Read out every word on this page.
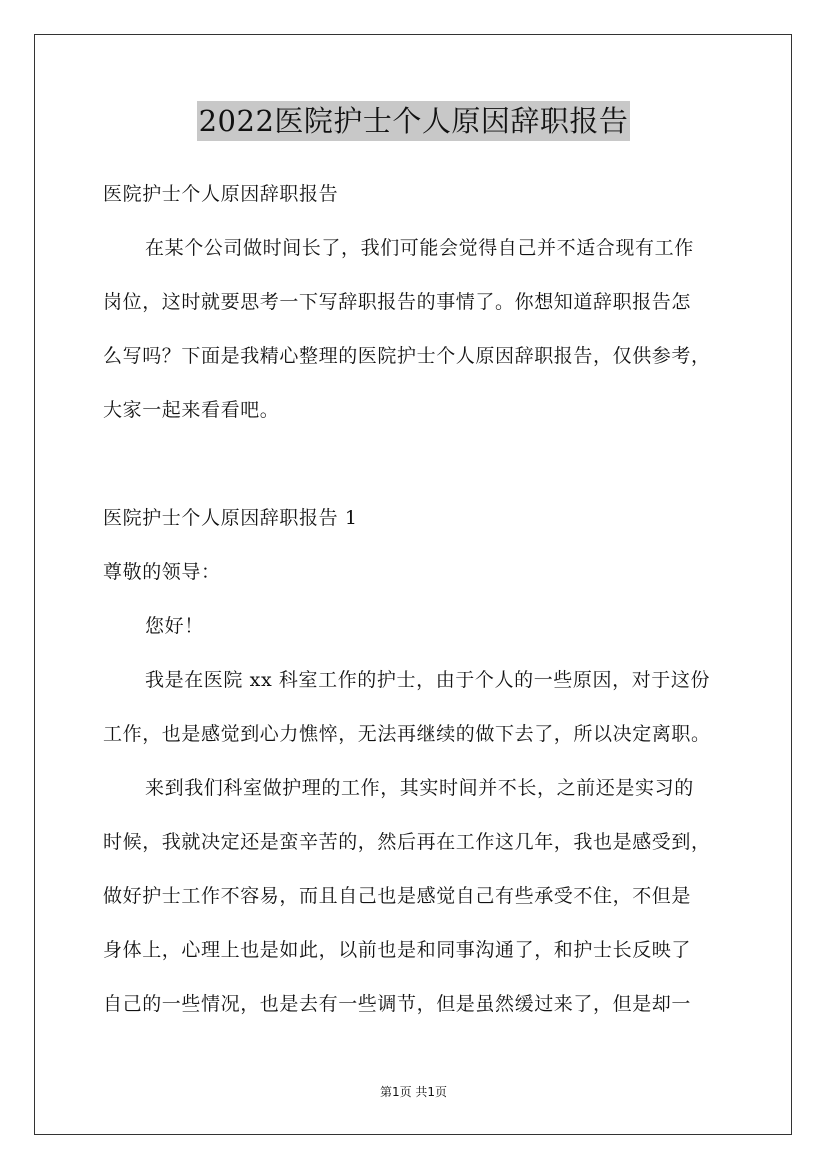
2022医院护士个人原因辞职报告
医院护士个人原因辞职报告
在某个公司做时间长了，我们可能会觉得自己并不适合现有工作
岗位，这时就要思考一下写辞职报告的事情了。你想知道辞职报告怎
么写吗？下面是我精心整理的医院护士个人原因辞职报告，仅供参考，
大家一起来看看吧。
医院护士个人原因辞职报告 1
尊敬的领导：
您好！
我是在医院 xx 科室工作的护士，由于个人的一些原因，对于这份
工作，也是感觉到心力憔悴，无法再继续的做下去了，所以决定离职。
来到我们科室做护理的工作，其实时间并不长，之前还是实习的
时候，我就决定还是蛮辛苦的，然后再在工作这几年，我也是感受到，
做好护士工作不容易，而且自己也是感觉自己有些承受不住，不但是
身体上，心理上也是如此，以前也是和同事沟通了，和护士长反映了
自己的一些情况，也是去有一些调节，但是虽然缓过来了，但是却一
第1页 共1页
